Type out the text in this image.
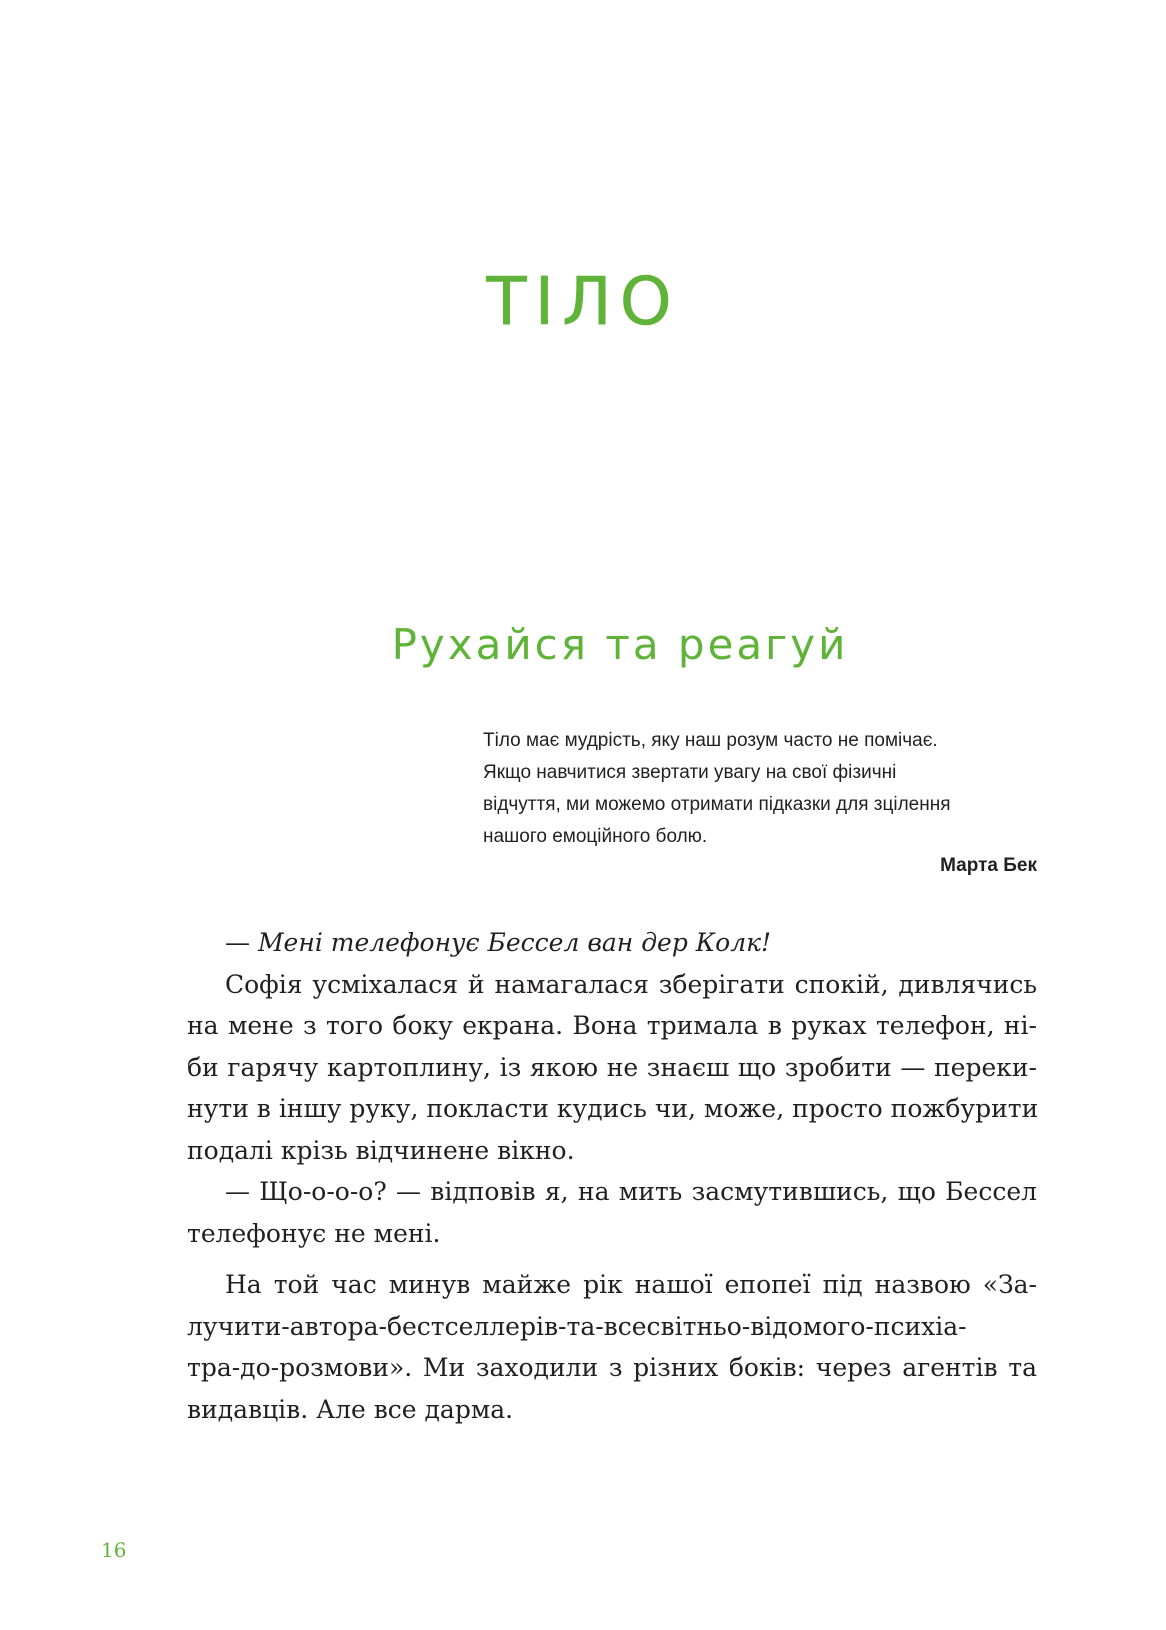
ТІЛО
Рухайся та реагуй
Тіло має мудрість, яку наш розум часто не помічає.
Якщо навчитися звертати увагу на свої фізичні
відчуття, ми можемо отримати підказки для зцілення
нашого емоційного болю.
Марта Бек
— Мені телефонує Бессел ван дер Колк!
Софія усміхалася й намагалася зберігати спокій, дивлячись
на мене з того боку екрана. Вона тримала в руках телефон, ні-
би гарячу картоплину, із якою не знаєш що зробити — переки-
нути в іншу руку, покласти кудись чи, може, просто пожбурити
подалі крізь відчинене вікно.
— Що-о-о-о? — відповів я, на мить засмутившись, що Бессел
телефонує не мені.
На той час минув майже рік нашої епопеї під назвою «За-
лучити-автора-бестселлерів-та-всесвітньо-відомого-психіа-
тра-до-розмови». Ми заходили з різних боків: через агентів та
видавців. Але все дарма.
16
